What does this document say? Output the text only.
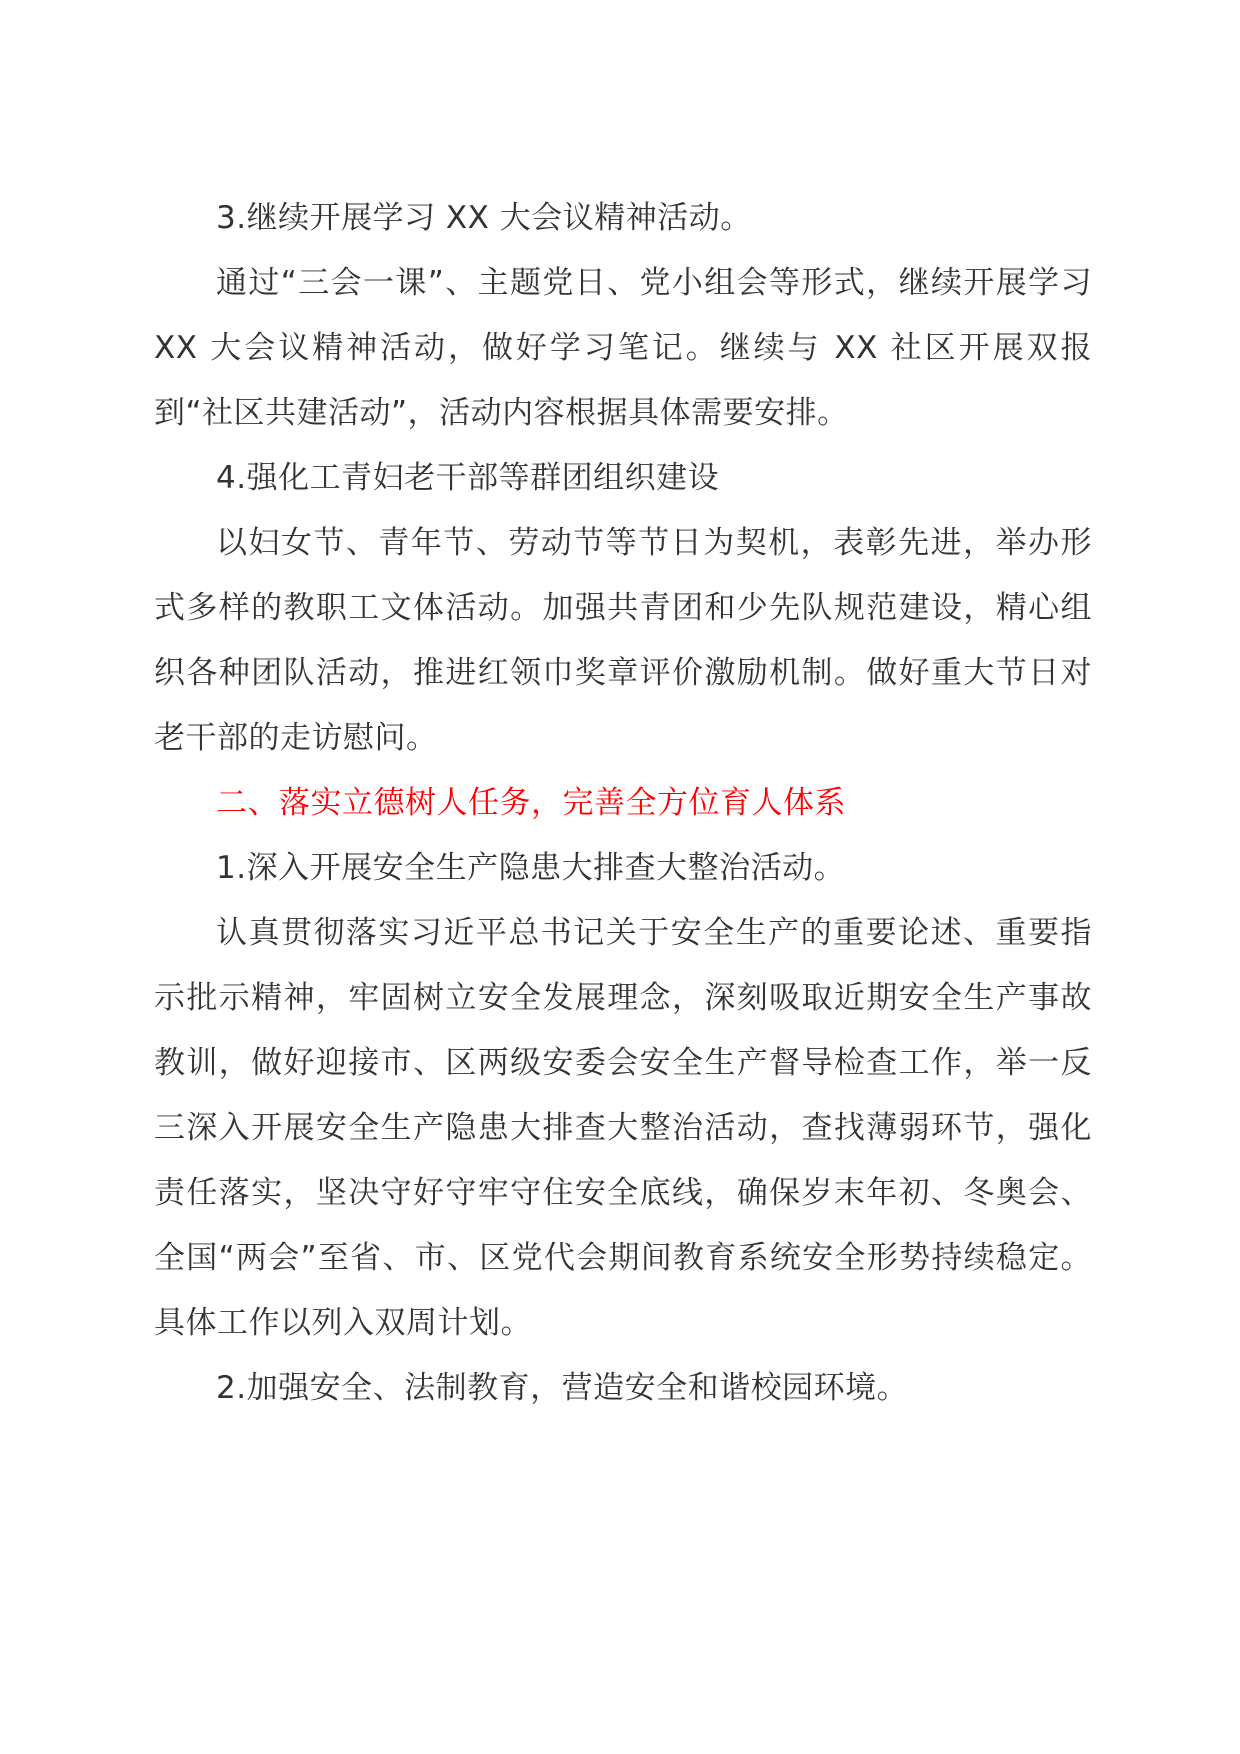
3.继续开展学习 XX 大会议精神活动。

通过“三会一课”、主题党日、党小组会等形式，继续开展学习 XX 大会议精神活动，做好学习笔记。继续与 XX 社区开展双报到“社区共建活动”，活动内容根据具体需要安排。

4.强化工青妇老干部等群团组织建设

以妇女节、青年节、劳动节等节日为契机，表彰先进，举办形式多样的教职工文体活动。加强共青团和少先队规范建设，精心组织各种团队活动，推进红领巾奖章评价激励机制。做好重大节日对老干部的走访慰问。

二、落实立德树人任务，完善全方位育人体系

1.深入开展安全生产隐患大排查大整治活动。

认真贯彻落实习近平总书记关于安全生产的重要论述、重要指示批示精神，牢固树立安全发展理念，深刻吸取近期安全生产事故教训，做好迎接市、区两级安委会安全生产督导检查工作，举一反三深入开展安全生产隐患大排查大整治活动，查找薄弱环节，强化责任落实，坚决守好守牢守住安全底线，确保岁末年初、冬奥会、全国“两会”至省、市、区党代会期间教育系统安全形势持续稳定。具体工作以列入双周计划。

2.加强安全、法制教育，营造安全和谐校园环境。
